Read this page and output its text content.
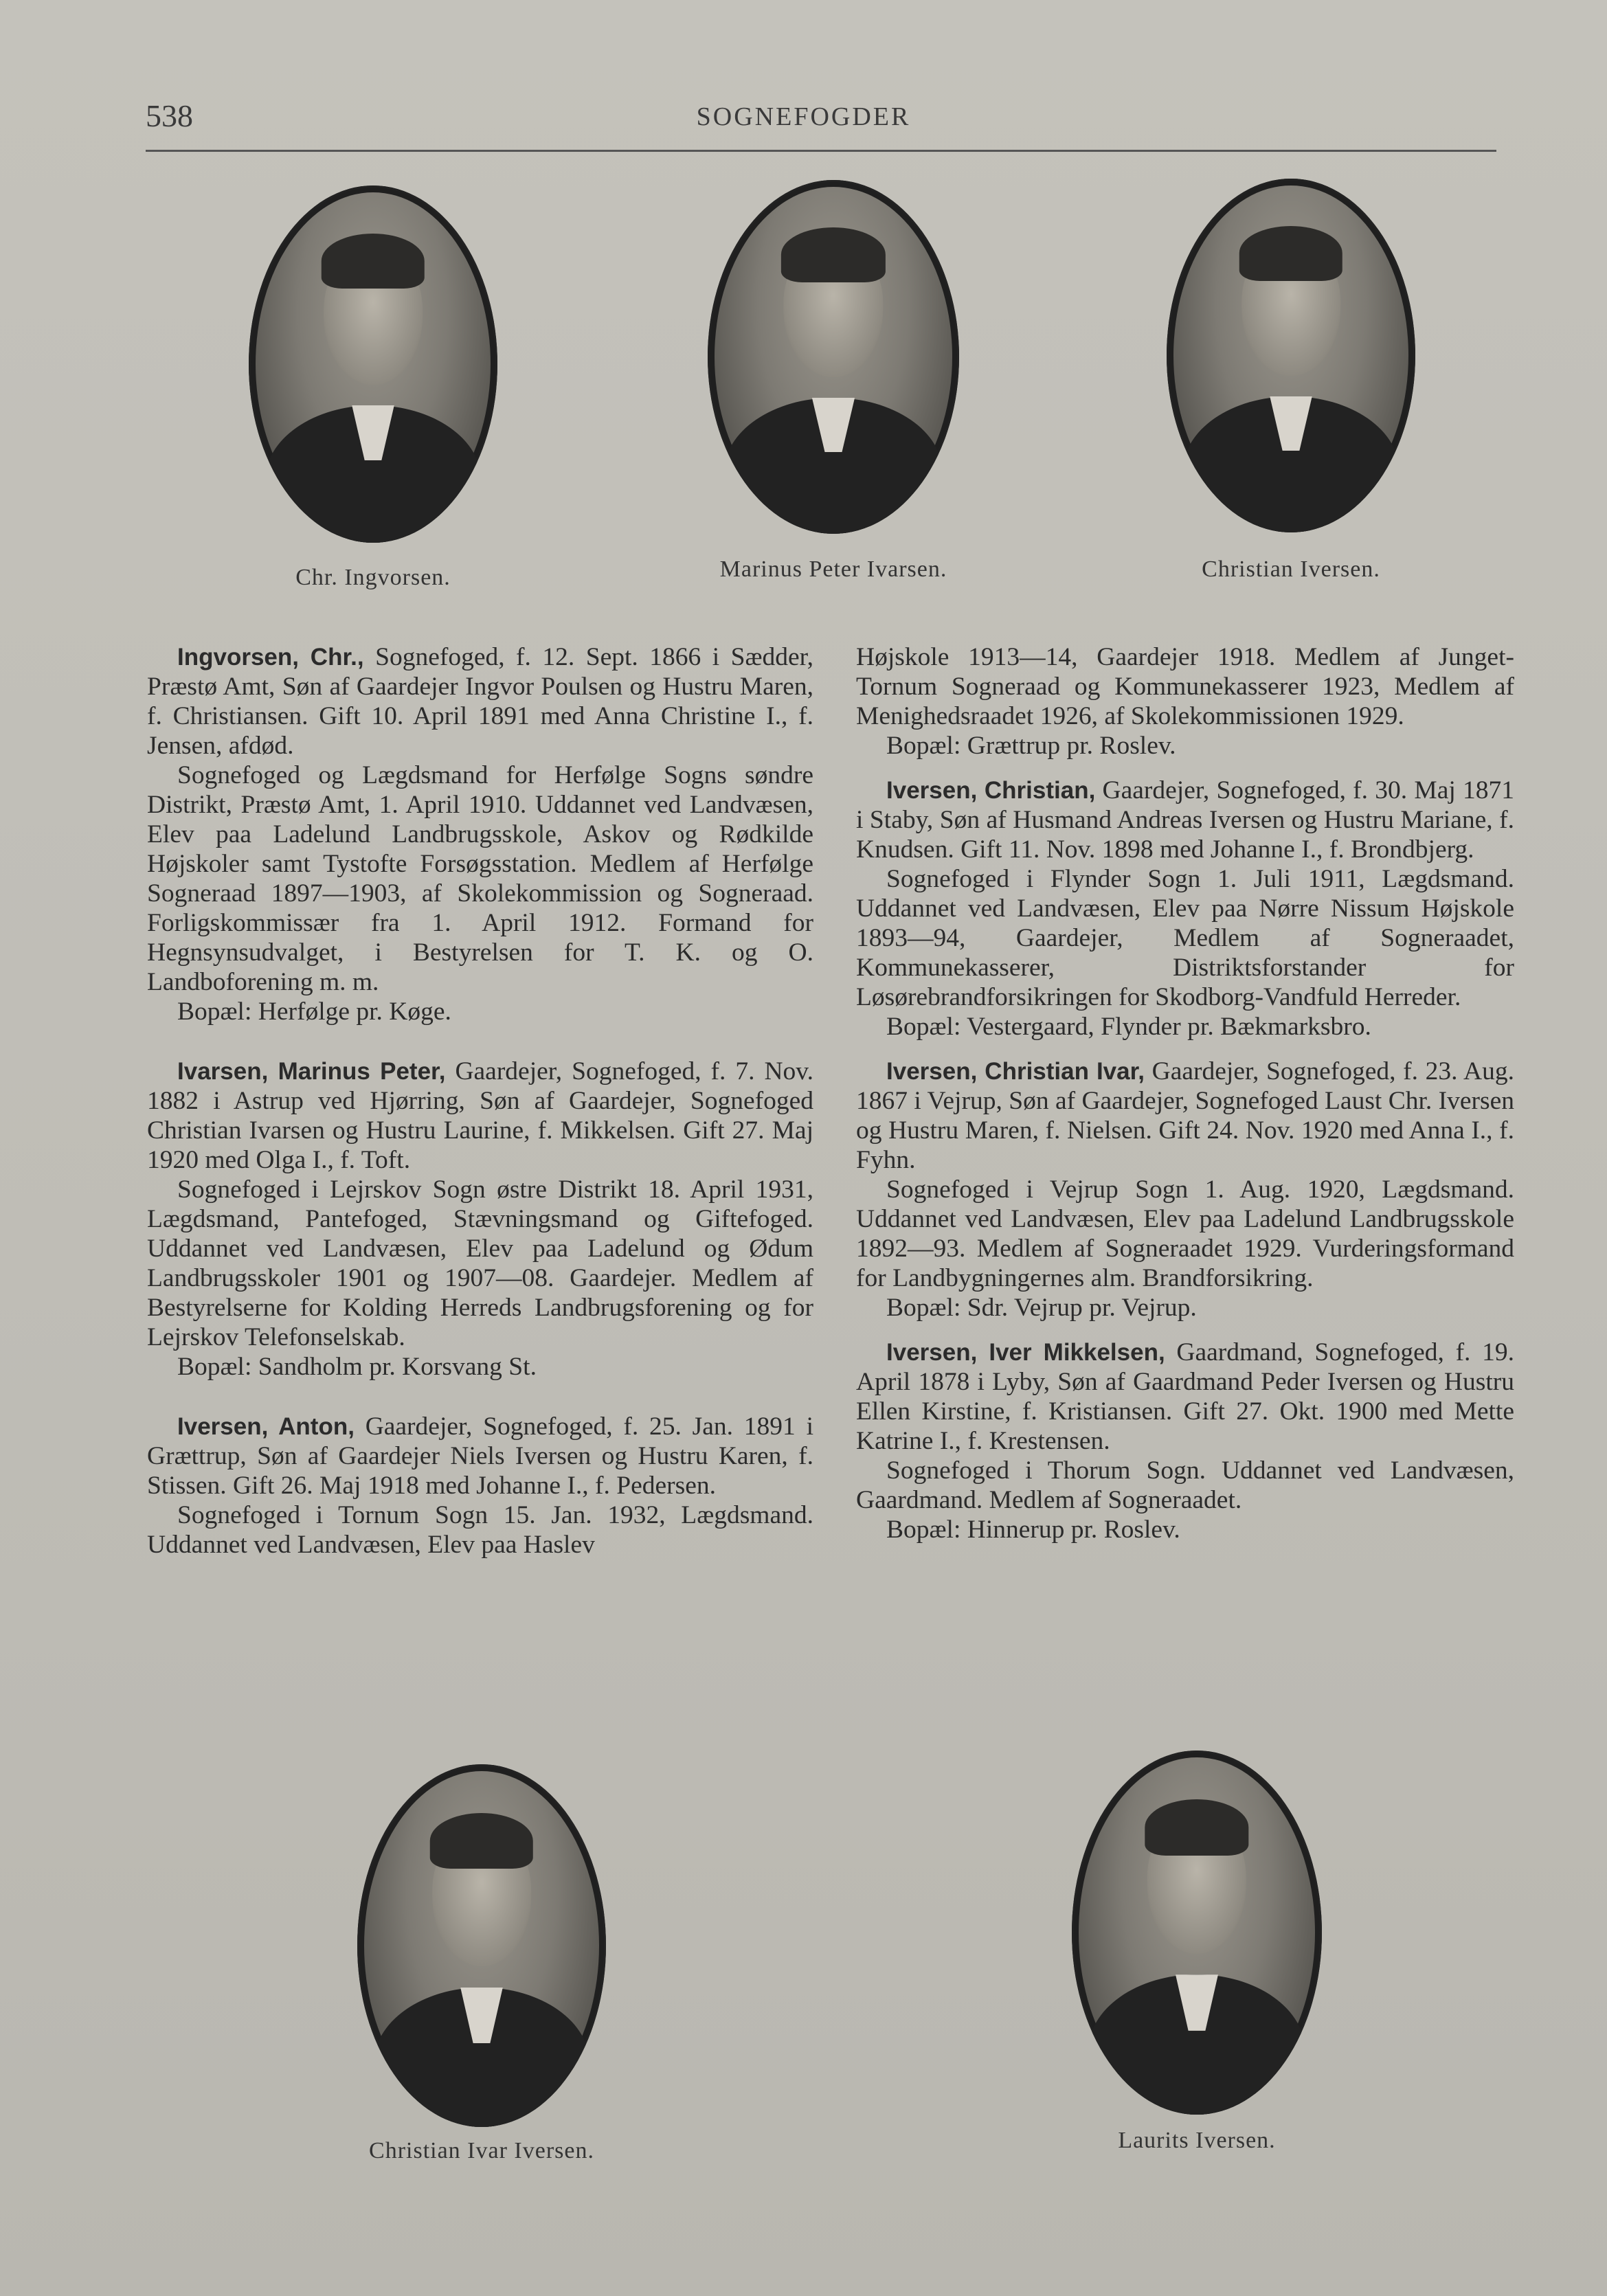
538	SOGNEFOGDER
Chr. Ingvorsen.	Marinus Peter Ivarsen.	Christian Iversen.

Ingvorsen, Chr., Sognefoged, f. 12. Sept. 1866 i Sædder, Præstø Amt, Søn af Gaardejer Ingvor Poulsen og Hustru Maren, f. Christiansen. Gift 10. April 1891 med Anna Christine I., f. Jensen, afdød.

Sognefoged og Lægdsmand for Herfølge Sogns søndre Distrikt, Præstø Amt, 1. April 1910. Uddannet ved Landvæsen, Elev paa Ladelund Landbrugsskole, Askov og Rødkilde Højskoler samt Tystofte Forsøgsstation. Medlem af Herfølge Sogneraad 1897—1903, af Skolekommission og Sogneraad. Forligskommissær fra 1. April 1912. Formand for Hegnsynsudvalget, i Bestyrelsen for T. K. og O. Landboforening m. m.

Bopæl: Herfølge pr. Køge.

Ivarsen, Marinus Peter, Gaardejer, Sognefoged, f. 7. Nov. 1882 i Astrup ved Hjørring, Søn af Gaardejer, Sognefoged Christian Ivarsen og Hustru Laurine, f. Mikkelsen. Gift 27. Maj 1920 med Olga I., f. Toft.

Sognefoged i Lejrskov Sogn østre Distrikt 18. April 1931, Lægdsmand, Pantefoged, Stævningsmand og Giftefoged. Uddannet ved Landvæsen, Elev paa Ladelund og Ødum Landbrugsskoler 1901 og 1907—08. Gaardejer. Medlem af Bestyrelserne for Kolding Herreds Landbrugsforening og for Lejrskov Telefonselskab.

Bopæl: Sandholm pr. Korsvang St.

Iversen, Anton, Gaardejer, Sognefoged, f. 25. Jan. 1891 i Grættrup, Søn af Gaardejer Niels Iversen og Hustru Karen, f. Stissen. Gift 26. Maj 1918 med Johanne I., f. Pedersen.

Sognefoged i Tornum Sogn 15. Jan. 1932, Lægdsmand. Uddannet ved Landvæsen, Elev paa Haslev

Højskole 1913—14, Gaardejer 1918. Medlem af Junget-Tornum Sogneraad og Kommunekasserer 1923, Medlem af Menighedsraadet 1926, af Skolekommissionen 1929.

Bopæl: Grættrup pr. Roslev.

Iversen, Christian, Gaardejer, Sognefoged, f. 30. Maj 1871 i Staby, Søn af Husmand Andreas Iversen og Hustru Mariane, f. Knudsen. Gift 11. Nov. 1898 med Johanne I., f. Brondbjerg.

Sognefoged i Flynder Sogn 1. Juli 1911, Lægdsmand. Uddannet ved Landvæsen, Elev paa Nørre Nissum Højskole 1893—94, Gaardejer, Medlem af Sogneraadet, Kommunekasserer, Distriktsforstander for Løsørebrandforsikringen for Skodborg-Vandfuld Herreder.

Bopæl: Vestergaard, Flynder pr. Bækmarksbro.

Iversen, Christian Ivar, Gaardejer, Sognefoged, f. 23. Aug. 1867 i Vejrup, Søn af Gaardejer, Sognefoged Laust Chr. Iversen og Hustru Maren, f. Nielsen. Gift 24. Nov. 1920 med Anna I., f. Fyhn.

Sognefoged i Vejrup Sogn 1. Aug. 1920, Lægdsmand. Uddannet ved Landvæsen, Elev paa Ladelund Landbrugsskole 1892—93. Medlem af Sogneraadet 1929. Vurderingsformand for Landbygningernes alm. Brandforsikring.

Bopæl: Sdr. Vejrup pr. Vejrup.

Iversen, Iver Mikkelsen, Gaardmand, Sognefoged, f. 19. April 1878 i Lyby, Søn af Gaardmand Peder Iversen og Hustru Ellen Kirstine, f. Kristiansen. Gift 27. Okt. 1900 med Mette Katrine I., f. Krestensen.

Sognefoged i Thorum Sogn. Uddannet ved Landvæsen, Gaardmand. Medlem af Sogneraadet.

Bopæl: Hinnerup pr. Roslev.

Christian Ivar Iversen.	Laurits Iversen.
